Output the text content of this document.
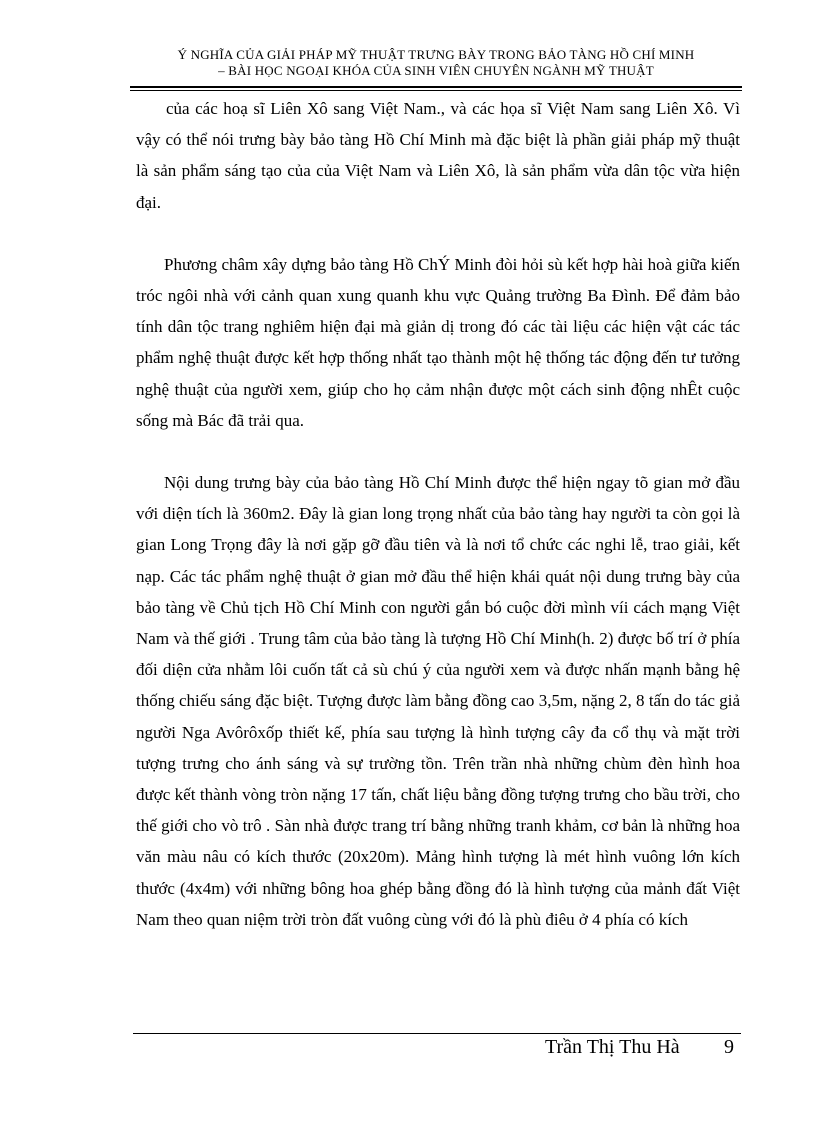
Ý NGHĨA CỦA GIẢI PHÁP MỸ THUẬT TRƯNG BÀY TRONG BẢO TÀNG HỒ CHÍ MINH
– BÀI HỌC NGOẠI KHÓA CỦA SINH VIÊN CHUYÊN NGÀNH MỸ THUẬT

của các hoạ sĩ Liên Xô sang Việt Nam., và các họa sĩ Việt Nam sang Liên Xô. Vì vậy có thể nói trưng bày bảo tàng Hồ Chí Minh mà đặc biệt là phần giải pháp mỹ thuật là sản phẩm sáng tạo của của Việt Nam và Liên Xô, là sản phẩm vừa dân tộc vừa hiện đại.

Phương châm xây dựng bảo tàng Hồ ChÝ Minh đòi hỏi sù kết hợp hài hoà giữa kiến tróc ngôi nhà với cảnh quan xung quanh khu vực Quảng trường Ba Đình. Để đảm bảo tính dân tộc trang nghiêm hiện đại mà giản dị trong đó các tài liệu các hiện vật các tác phẩm nghệ thuật được kết hợp thống nhất tạo thành một hệ thống tác động đến tư tưởng nghệ thuật của người xem, giúp cho họ cảm nhận được một cách sinh động nhÊt cuộc sống mà Bác đã trải qua.

Nội dung trưng bày của bảo tàng Hồ Chí Minh được thể hiện ngay tõ gian mở đầu với diện tích là 360m2. Đây là gian long trọng nhất của bảo tàng hay người ta còn gọi là gian Long Trọng đây là nơi gặp gỡ đầu tiên và là nơi tổ chức các nghi lễ, trao giải, kết nạp. Các tác phẩm nghệ thuật ở gian mở đầu thể hiện khái quát nội dung trưng bày của bảo tàng về Chủ tịch Hồ Chí Minh con người gắn bó cuộc đời mình víi cách mạng Việt Nam và thế giới . Trung tâm của bảo tàng là tượng Hồ Chí Minh(h. 2) được bố trí ở phía đối diện cửa nhằm lôi cuốn tất cả sù chú ý của người xem và được nhấn mạnh bằng hệ thống chiếu sáng đặc biệt. Tượng được làm bằng đồng cao 3,5m, nặng 2, 8 tấn do tác giả người Nga Avôrôxốp thiết kế, phía sau tượng là hình tượng cây đa cổ thụ và mặt trời tượng trưng cho ánh sáng và sự trường tồn. Trên trần nhà những chùm đèn hình hoa được kết thành vòng tròn nặng 17 tấn, chất liệu bằng đồng tượng trưng cho bầu trời, cho thế giới cho vò trô . Sàn nhà được trang trí bằng những tranh khảm, cơ bản là những hoa văn màu nâu có kích thước (20x20m). Mảng hình tượng là mét hình vuông lớn kích thước (4x4m) với những bông hoa ghép bằng đồng đó là hình tượng của mảnh đất Việt Nam theo quan niệm trời tròn đất vuông cùng với đó là phù điêu ở 4 phía có kích

Trần Thị Thu Hà 9
